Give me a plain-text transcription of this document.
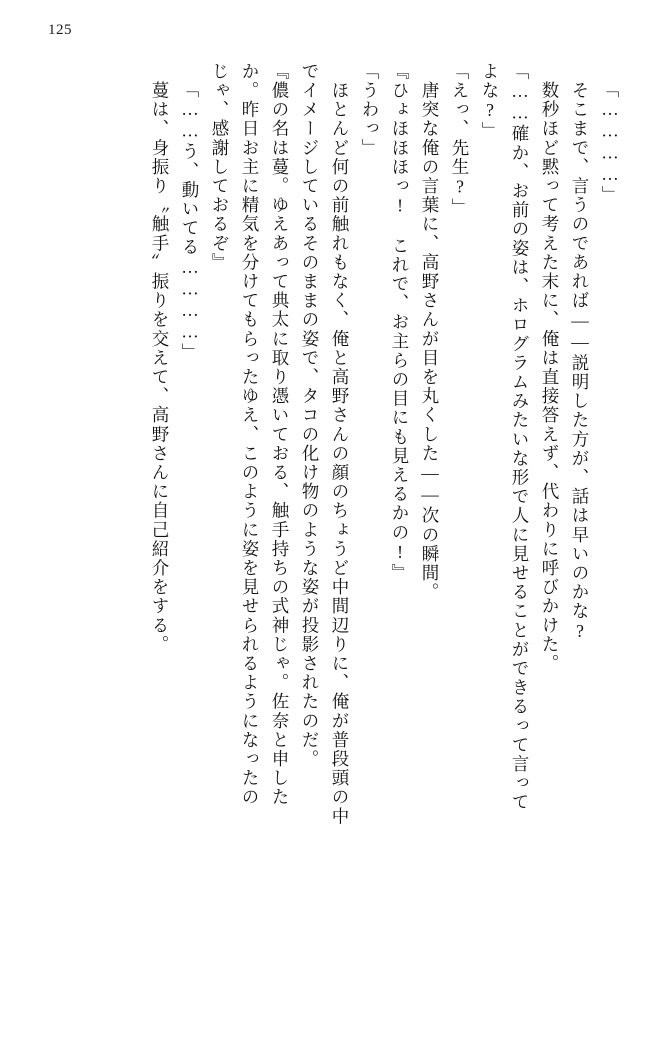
125
「…………」
　そこまで、言うのであれば――説明した方が、話は早いのかな?
　数秒ほど黙って考えた末に、俺は直接答えず、代わりに呼びかけた。
「……確か、お前の姿は、ホログラムみたいな形で人に見せることができるって言って
よな?」
「えっ、先生?」
　唐突な俺の言葉に、高野さんが目を丸くした――次の瞬間。
『ひょほほほっ!　これで、お主らの目にも見えるかの!』
「うわっ」
　ほとんど何の前触れもなく、俺と高野さんの顔のちょうど中間辺りに、俺が普段頭の中
でイメージしているそのままの姿で、タコの化け物のような姿が投影されたのだ。
『儂の名は蔓。ゆえあって典太に取り憑いておる、触手持ちの式神じゃ。佐奈と申した
か。昨日お主に精気を分けてもらったゆえ、このように姿を見せられるようになったの
じゃ、感謝しておるぞ』
「……う、動いてる…………」
　蔓は、身振り〝触手〟振りを交えて、高野さんに自己紹介をする。
